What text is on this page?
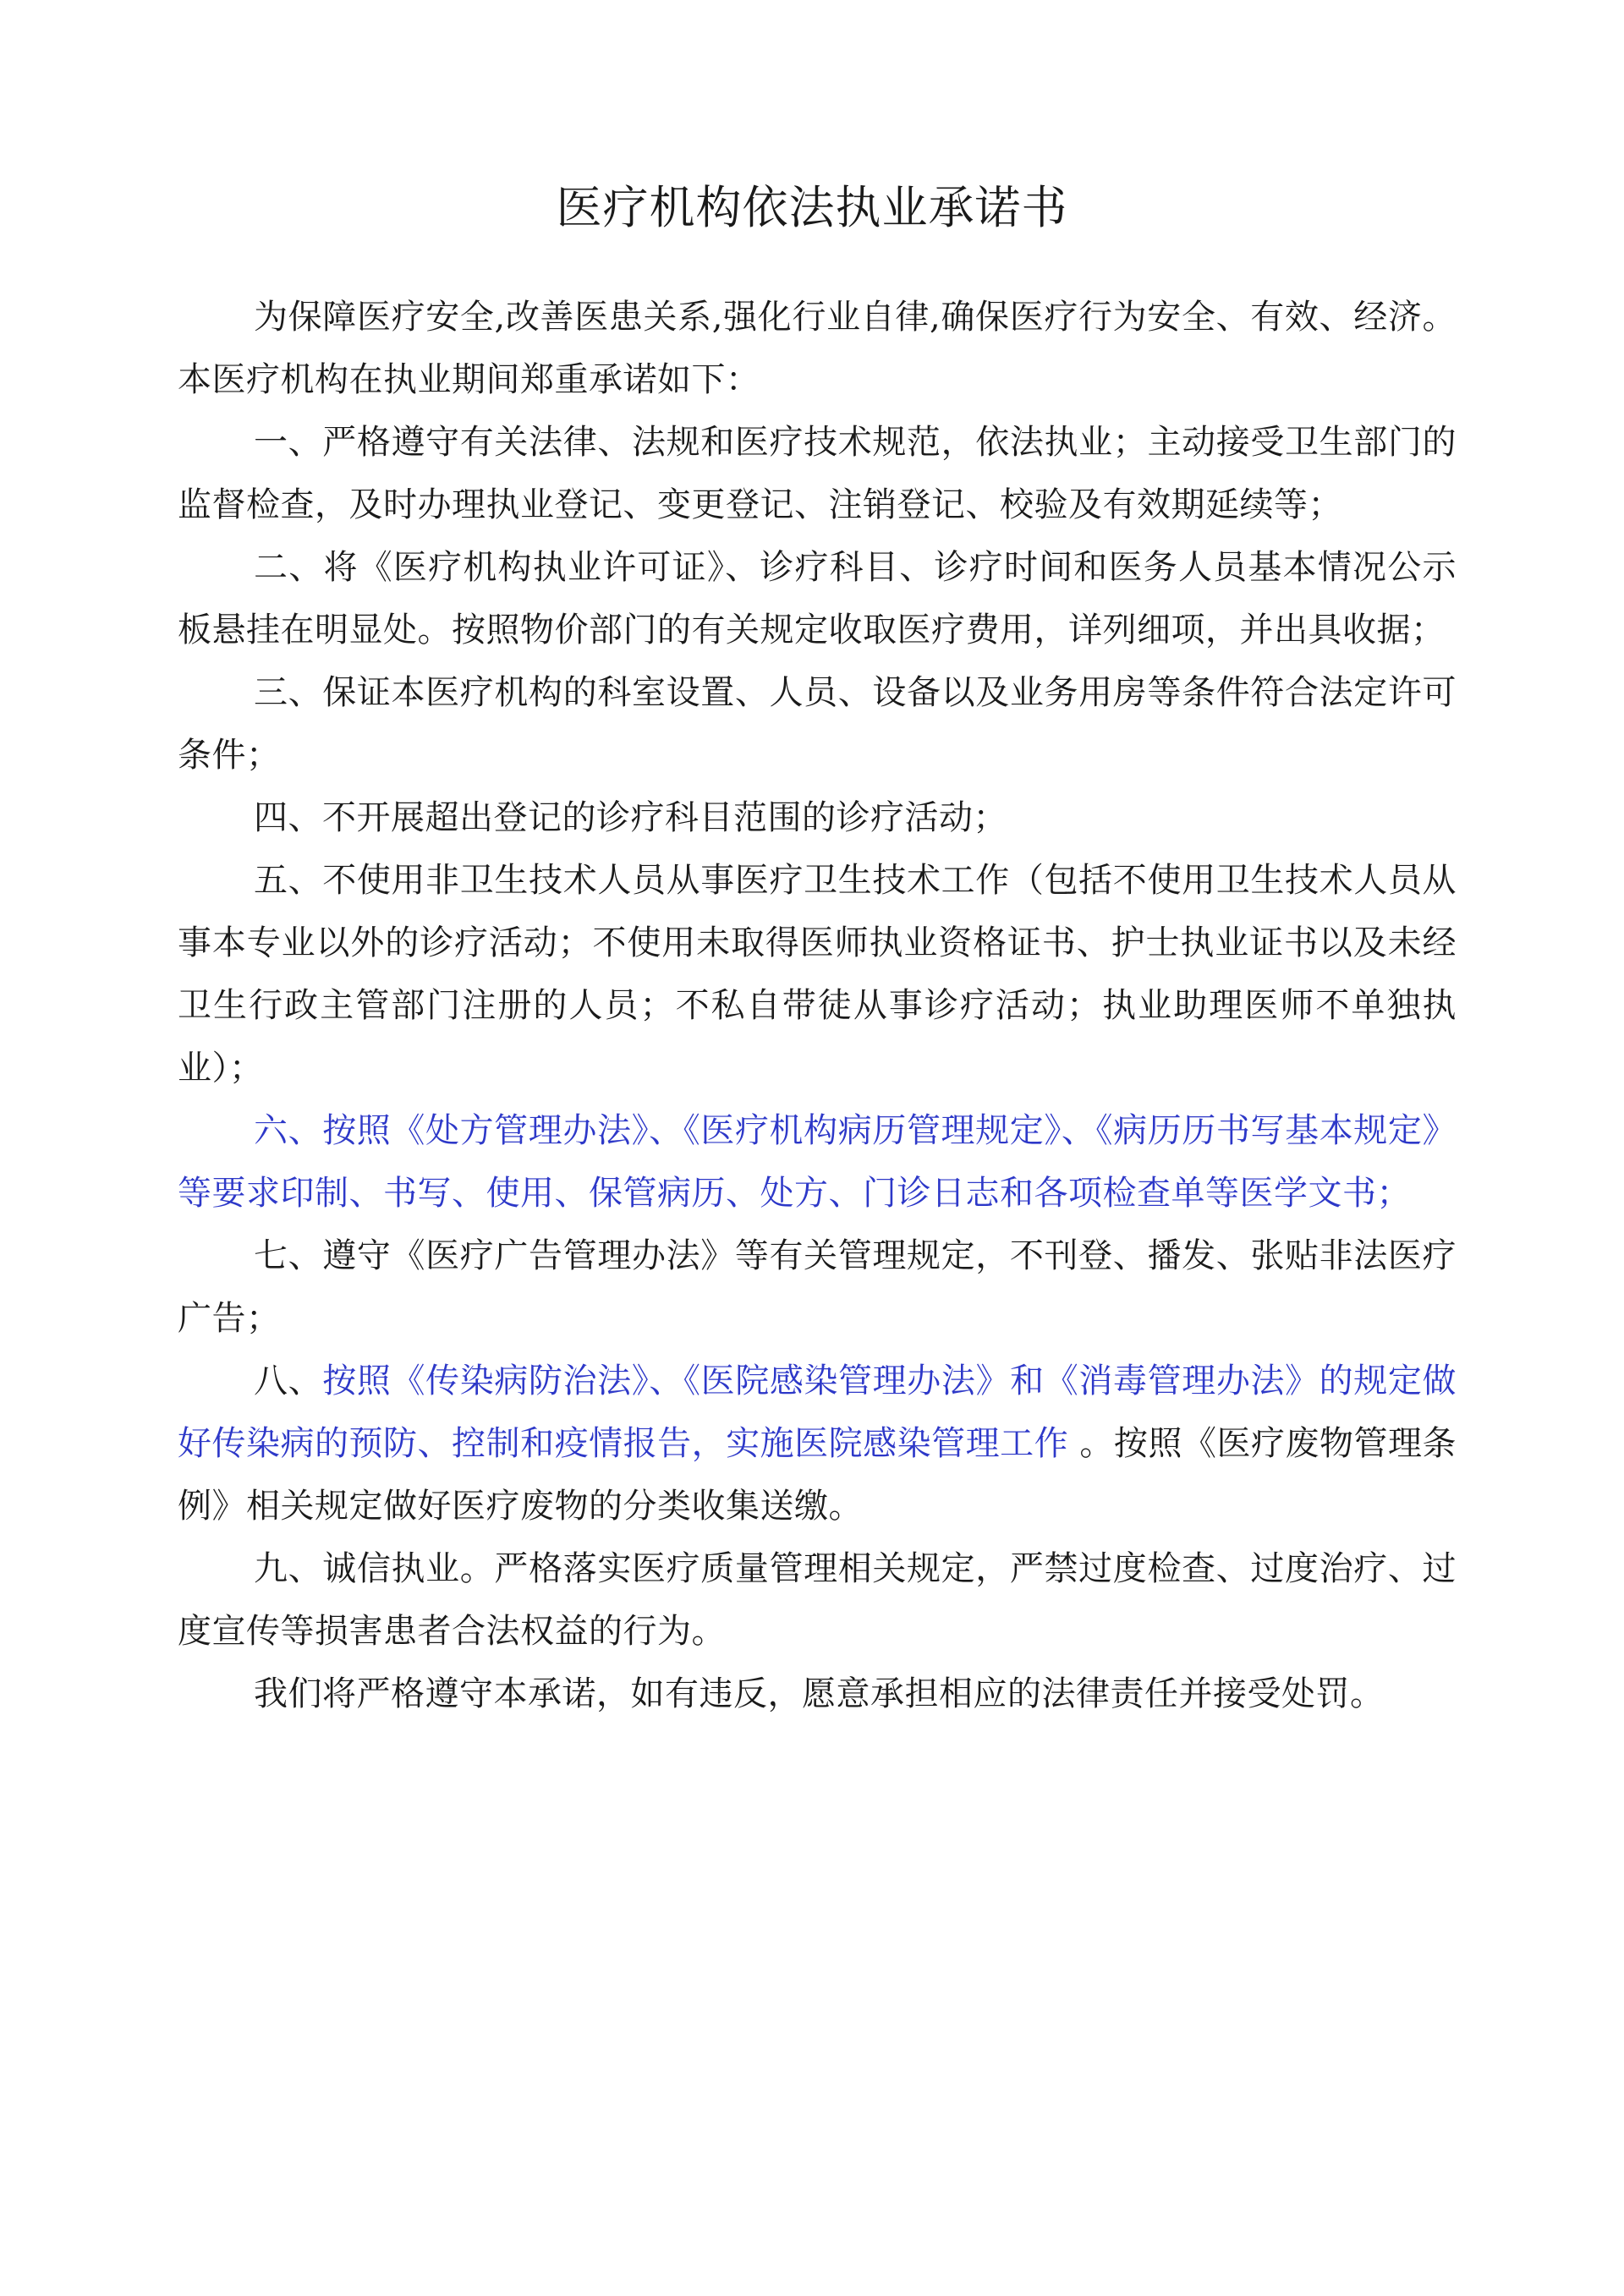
医疗机构依法执业承诺书

为保障医疗安全,改善医患关系,强化行业自律,确保医疗行为安全、有效、经济。本医疗机构在执业期间郑重承诺如下：

一、严格遵守有关法律、法规和医疗技术规范，依法执业；主动接受卫生部门的监督检查，及时办理执业登记、变更登记、注销登记、校验及有效期延续等；

二、将《医疗机构执业许可证》、诊疗科目、诊疗时间和医务人员基本情况公示板悬挂在明显处。按照物价部门的有关规定收取医疗费用，详列细项，并出具收据；

三、保证本医疗机构的科室设置、人员、设备以及业务用房等条件符合法定许可条件；

四、不开展超出登记的诊疗科目范围的诊疗活动；

五、不使用非卫生技术人员从事医疗卫生技术工作（包括不使用卫生技术人员从事本专业以外的诊疗活动；不使用未取得医师执业资格证书、护士执业证书以及未经卫生行政主管部门注册的人员；不私自带徒从事诊疗活动；执业助理医师不单独执业）；

六、按照《处方管理办法》、《医疗机构病历管理规定》、《病历历书写基本规定》等要求印制、书写、使用、保管病历、处方、门诊日志和各项检查单等医学文书；

七、遵守《医疗广告管理办法》等有关管理规定，不刊登、播发、张贴非法医疗广告；

八、按照《传染病防治法》、《医院感染管理办法》和《消毒管理办法》的规定做好传染病的预防、控制和疫情报告，实施医院感染管理工作 。按照《医疗废物管理条例》相关规定做好医疗废物的分类收集送缴。

九、诚信执业。严格落实医疗质量管理相关规定，严禁过度检查、过度治疗、过度宣传等损害患者合法权益的行为。

我们将严格遵守本承诺，如有违反，愿意承担相应的法律责任并接受处罚。
